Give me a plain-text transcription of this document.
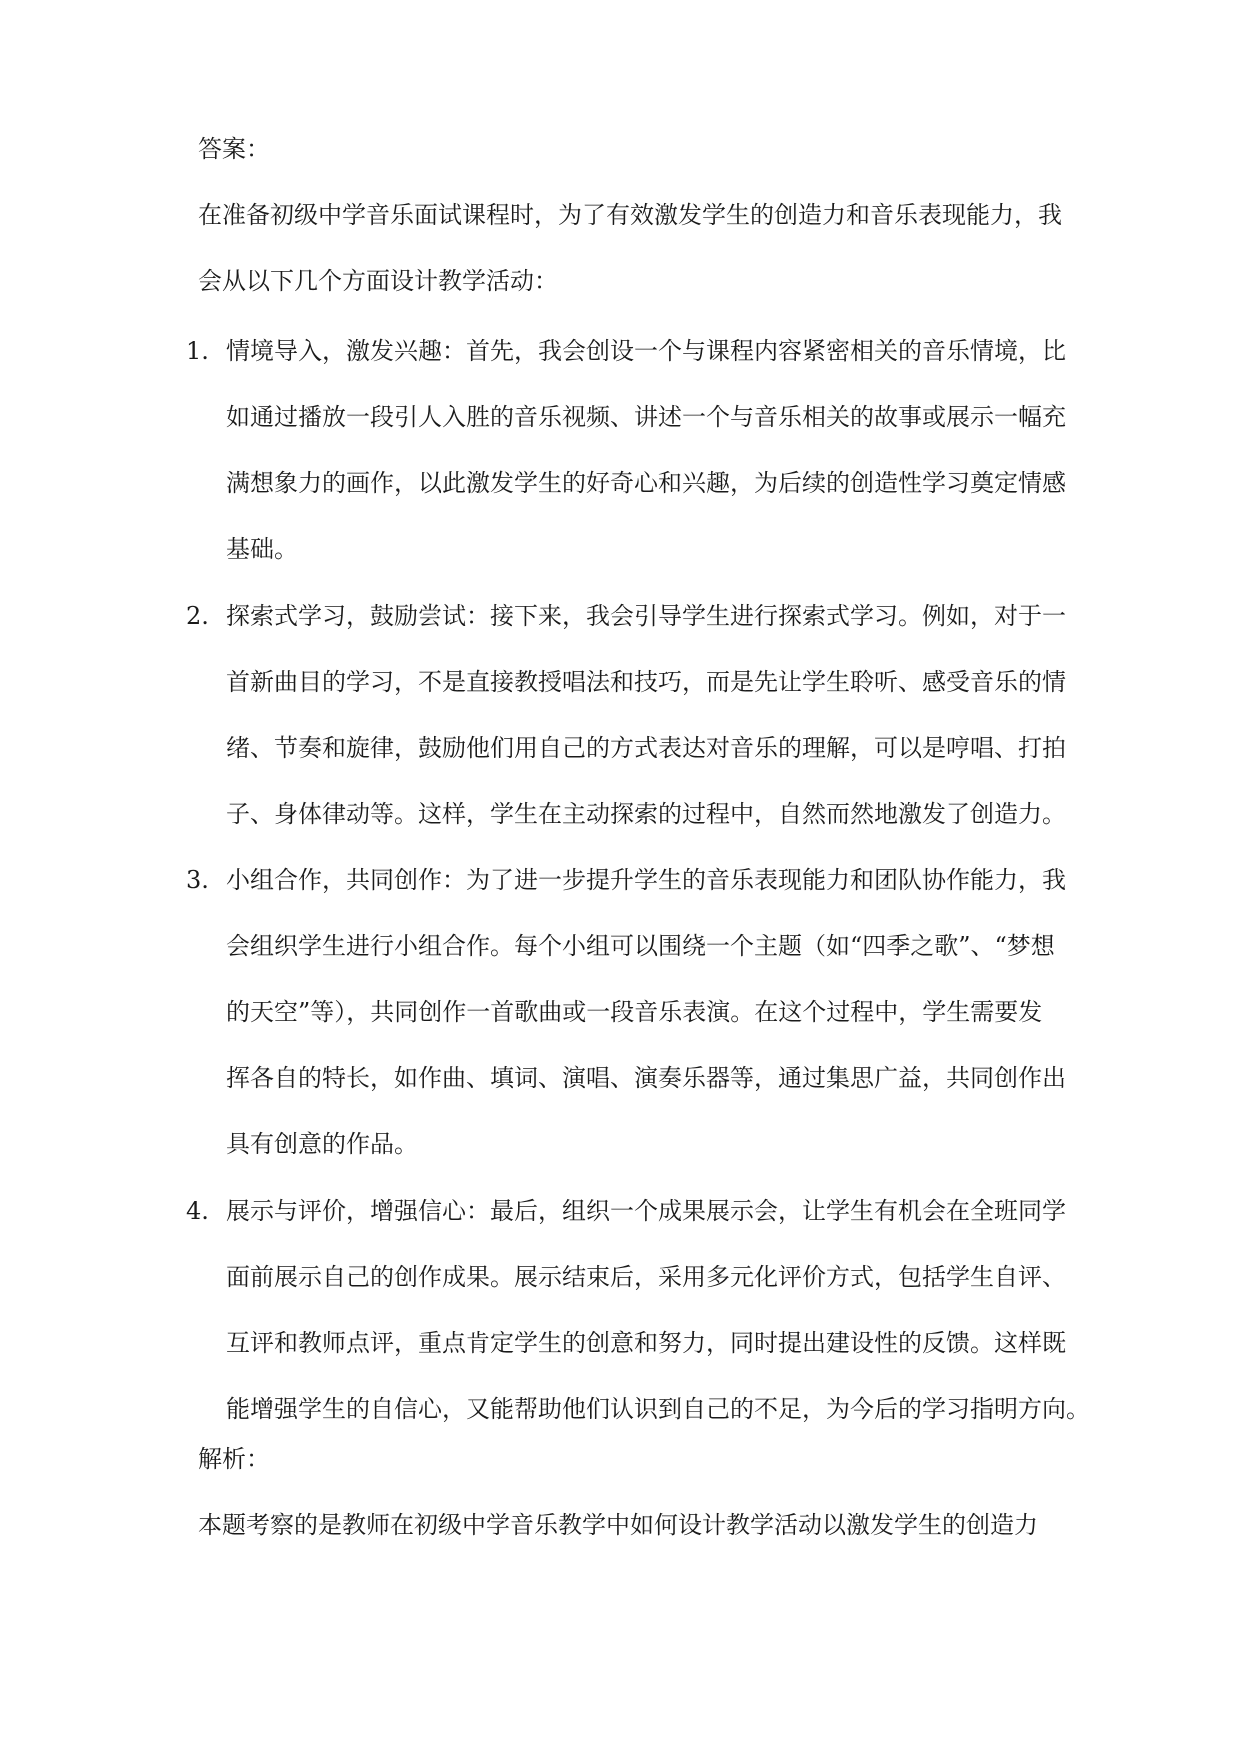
答案：
在准备初级中学音乐面试课程时，为了有效激发学生的创造力和音乐表现能力，我
会从以下几个方面设计教学活动：
1. 情境导入，激发兴趣：首先，我会创设一个与课程内容紧密相关的音乐情境，比
如通过播放一段引人入胜的音乐视频、讲述一个与音乐相关的故事或展示一幅充
满想象力的画作，以此激发学生的好奇心和兴趣，为后续的创造性学习奠定情感
基础。
2. 探索式学习，鼓励尝试：接下来，我会引导学生进行探索式学习。例如，对于一
首新曲目的学习，不是直接教授唱法和技巧，而是先让学生聆听、感受音乐的情
绪、节奏和旋律，鼓励他们用自己的方式表达对音乐的理解，可以是哼唱、打拍
子、身体律动等。这样，学生在主动探索的过程中，自然而然地激发了创造力。
3. 小组合作，共同创作：为了进一步提升学生的音乐表现能力和团队协作能力，我
会组织学生进行小组合作。每个小组可以围绕一个主题（如“四季之歌”、“梦想
的天空”等），共同创作一首歌曲或一段音乐表演。在这个过程中，学生需要发
挥各自的特长，如作曲、填词、演唱、演奏乐器等，通过集思广益，共同创作出
具有创意的作品。
4. 展示与评价，增强信心：最后，组织一个成果展示会，让学生有机会在全班同学
面前展示自己的创作成果。展示结束后，采用多元化评价方式，包括学生自评、
互评和教师点评，重点肯定学生的创意和努力，同时提出建设性的反馈。这样既
能增强学生的自信心，又能帮助他们认识到自己的不足，为今后的学习指明方向。
解析：
本题考察的是教师在初级中学音乐教学中如何设计教学活动以激发学生的创造力
